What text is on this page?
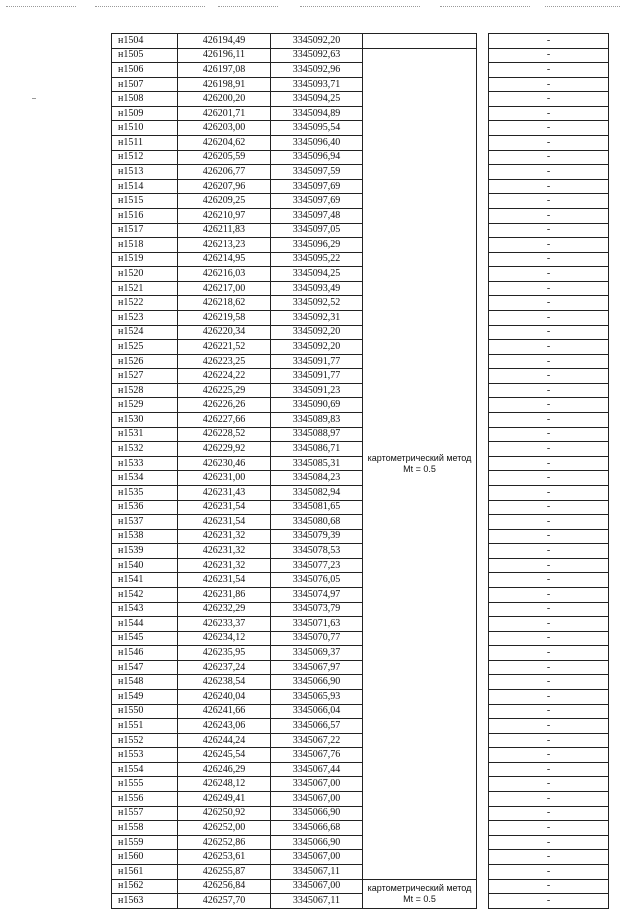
н1504	426194,49	3345092,20			-
н1505	426196,11	3345092,63	картометрический метод Mt = 0.5		-
н1506	426197,08	3345092,96			-
н1507	426198,91	3345093,71			-
н1508	426200,20	3345094,25			-
н1509	426201,71	3345094,89			-
н1510	426203,00	3345095,54			-
н1511	426204,62	3345096,40			-
н1512	426205,59	3345096,94			-
н1513	426206,77	3345097,59			-
н1514	426207,96	3345097,69			-
н1515	426209,25	3345097,69			-
н1516	426210,97	3345097,48			-
н1517	426211,83	3345097,05			-
н1518	426213,23	3345096,29			-
н1519	426214,95	3345095,22			-
н1520	426216,03	3345094,25			-
н1521	426217,00	3345093,49			-
н1522	426218,62	3345092,52			-
н1523	426219,58	3345092,31			-
н1524	426220,34	3345092,20			-
н1525	426221,52	3345092,20			-
н1526	426223,25	3345091,77			-
н1527	426224,22	3345091,77			-
н1528	426225,29	3345091,23			-
н1529	426226,26	3345090,69			-
н1530	426227,66	3345089,83			-
н1531	426228,52	3345088,97			-
н1532	426229,92	3345086,71			-
н1533	426230,46	3345085,31			-
н1534	426231,00	3345084,23			-
н1535	426231,43	3345082,94			-
н1536	426231,54	3345081,65			-
н1537	426231,54	3345080,68			-
н1538	426231,32	3345079,39			-
н1539	426231,32	3345078,53			-
н1540	426231,32	3345077,23			-
н1541	426231,54	3345076,05			-
н1542	426231,86	3345074,97			-
н1543	426232,29	3345073,79			-
н1544	426233,37	3345071,63			-
н1545	426234,12	3345070,77			-
н1546	426235,95	3345069,37			-
н1547	426237,24	3345067,97			-
н1548	426238,54	3345066,90			-
н1549	426240,04	3345065,93			-
н1550	426241,66	3345066,04			-
н1551	426243,06	3345066,57			-
н1552	426244,24	3345067,22			-
н1553	426245,54	3345067,76			-
н1554	426246,29	3345067,44			-
н1555	426248,12	3345067,00			-
н1556	426249,41	3345067,00			-
н1557	426250,92	3345066,90			-
н1558	426252,00	3345066,68			-
н1559	426252,86	3345066,90			-
н1560	426253,61	3345067,00			-
н1561	426255,87	3345067,11			-
н1562	426256,84	3345067,00	картометрический метод Mt = 0.5		-
н1563	426257,70	3345067,11			-
